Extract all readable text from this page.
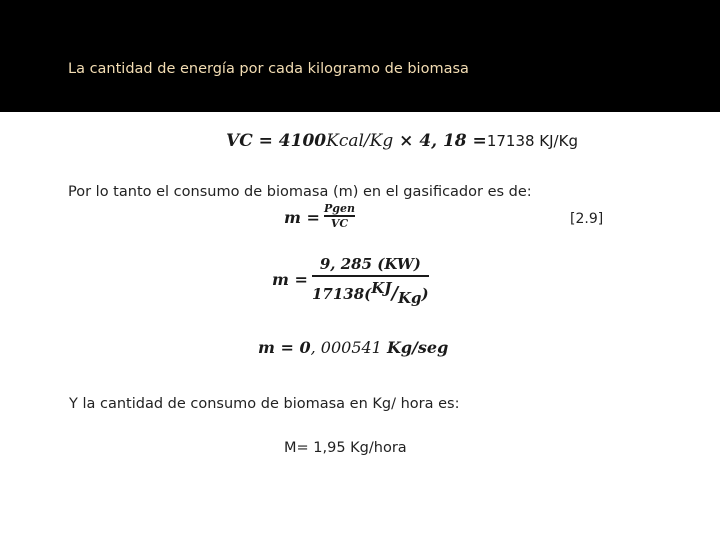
La cantidad de energía por cada kilogramo de biomasa
VC = 4100Kcal/Kg × 4, 18 =17138 KJ/Kg
Por lo tanto el consumo de biomasa (m) en el gasificador es de:
m = Pgen
VC	[2.9]
m =
9, 285 (KW)
$17138(^{KJ}/_{Kg})$
m = 0, 000541 Kg/seg
Y la cantidad de consumo de biomasa en Kg/ hora es:
M= 1,95 Kg/hora
